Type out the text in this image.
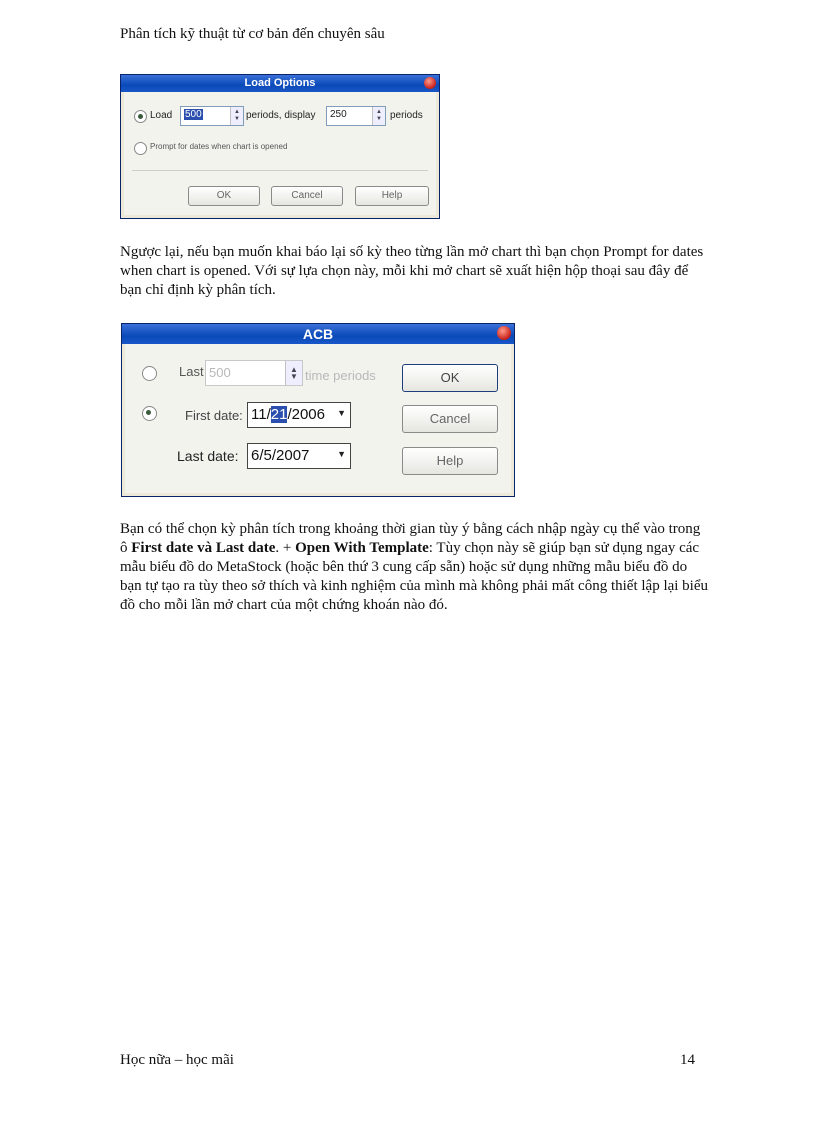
Phân tích kỹ thuật từ cơ bản đến chuyên sâu
Load Options
Load 500	▲
▼ periods, display 250	▲
▼ periods
Prompt for dates when chart is opened
OK	Cancel	Help
Ngược lại, nếu bạn muốn khai báo lại số kỳ theo từng lần mở chart thì bạn chọn Prompt for dates when chart is opened. Với sự lựa chọn này, mỗi khi mở chart sẽ xuất hiện hộp thoại sau đây để bạn chỉ định kỳ phân tích.
ACB
Last 500	▲
▼ time periods
First date: 11/21/2006 ▼
Last date: 6/5/2007	▼
OK
Cancel
Help
Bạn có thể chọn kỳ phân tích trong khoảng thời gian tùy ý bằng cách nhập ngày cụ thể vào trong ô First date và Last date. + Open With Template: Tùy chọn này sẽ giúp bạn sử dụng ngay các mẫu biểu đồ do MetaStock (hoặc bên thứ 3 cung cấp sẵn) hoặc sử dụng những mẫu biểu đồ do bạn tự tạo ra tùy theo sở thích và kinh nghiệm của mình mà không phải mất công thiết lập lại biểu đồ cho mỗi lần mở chart của một chứng khoán nào đó.
Học nữa – học mãi	14
